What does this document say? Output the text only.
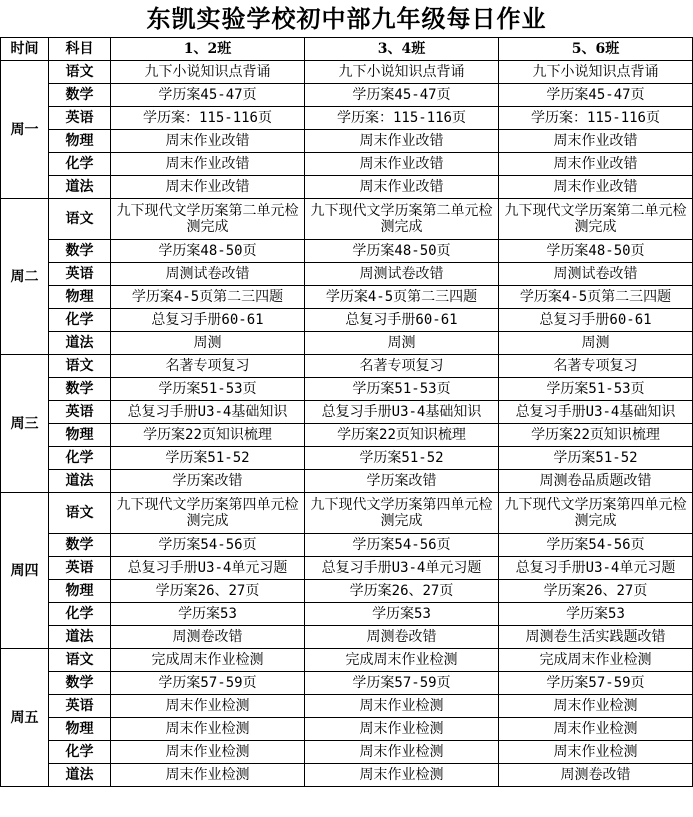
东凯实验学校初中部九年级每日作业
时间	科目	1、2班	3、4班	5、6班
周一	语文	九下小说知识点背诵	九下小说知识点背诵	九下小说知识点背诵

	数学	学历案45-47页	学历案45-47页	学历案45-47页

	英语	学历案：115-116页	学历案：115-116页	学历案：115-116页

	物理	周末作业改错	周末作业改错	周末作业改错

	化学	周末作业改错	周末作业改错	周末作业改错

	道法	周末作业改错	周末作业改错	周末作业改错

周二	语文	九下现代文学历案第二单元检测完成	九下现代文学历案第二单元检测完成	九下现代文学历案第二单元检测完成

	数学	学历案48-50页	学历案48-50页	学历案48-50页

	英语	周测试卷改错	周测试卷改错	周测试卷改错

	物理	学历案4-5页第二三四题	学历案4-5页第二三四题	学历案4-5页第二三四题

	化学	总复习手册60-61	总复习手册60-61	总复习手册60-61

	道法	周测	周测	周测

周三	语文	名著专项复习	名著专项复习	名著专项复习

	数学	学历案51-53页	学历案51-53页	学历案51-53页

	英语	总复习手册U3-4基础知识	总复习手册U3-4基础知识	总复习手册U3-4基础知识

	物理	学历案22页知识梳理	学历案22页知识梳理	学历案22页知识梳理

	化学	学历案51-52	学历案51-52	学历案51-52

	道法	学历案改错	学历案改错	周测卷品质题改错

周四	语文	九下现代文学历案第四单元检测完成	九下现代文学历案第四单元检测完成	九下现代文学历案第四单元检测完成

	数学	学历案54-56页	学历案54-56页	学历案54-56页

	英语	总复习手册U3-4单元习题	总复习手册U3-4单元习题	总复习手册U3-4单元习题

	物理	学历案26、27页	学历案26、27页	学历案26、27页

	化学	学历案53	学历案53	学历案53

	道法	周测卷改错	周测卷改错	周测卷生活实践题改错

周五	语文	完成周末作业检测	完成周末作业检测	完成周末作业检测

	数学	学历案57-59页	学历案57-59页	学历案57-59页

	英语	周末作业检测	周末作业检测	周末作业检测

	物理	周末作业检测	周末作业检测	周末作业检测

	化学	周末作业检测	周末作业检测	周末作业检测

	道法	周末作业检测	周末作业检测	周测卷改错
